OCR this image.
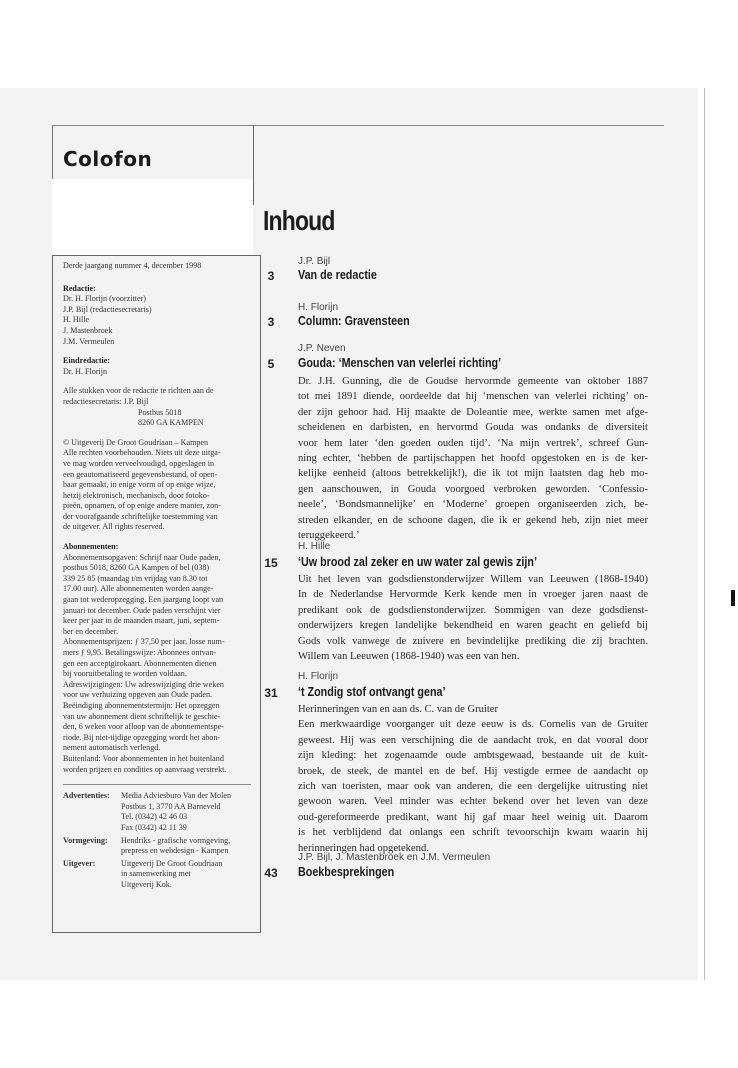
Colofon

Derde jaargang nummer 4, december 1998

Redactie:
Dr. H. Florijn (voorzitter)
J.P. Bijl (redactiesecretaris)
H. Hille
J. Mastenbroek
J.M. Vermeulen
Eindredactie:
Dr. H. Florijn
Alle stukken voor de redactie te richten aan de
redactiesecretaris: J.P. Bijl
Postbus 5018
8260 GA KAMPEN
© Uitgeverij De Groot Goudriaan – Kampen
Alle rechten voorbehouden. Niets uit deze uitga-
ve mag worden verveelvoudigd, opgeslagen in
een geautomatiseerd gegevensbestand, of open-
baar gemaakt, in enige vorm of op enige wijze,
hetzij elektronisch, mechanisch, door fotoko-
pieën, opnamen, of op enige andere manier, zon-
der voorafgaande schriftelijke toestemming van
de uitgever. All rights reserved.
Abonnementen:
Abonnementsopgaven: Schrijf naar Oude paden,
postbus 5018, 8260 GA Kampen of bel (038)
339 25 85 (maandag t/m vrijdag van 8.30 tot
17.00 uur). Alle abonnementen worden aange-
gaan tot wederopzegging. Een jaargang loopt van
januari tot december. Oude paden verschijnt vier
keer per jaar in de maanden maart, juni, septem-
ber en december.
Abonnementsprijzen: ƒ 37,50 per jaar, losse num-
mers ƒ 9,95. Betalingswijze: Abonnees ontvan-
gen een acceptgirokaart. Abonnementen dienen
bij vooruitbetaling te worden voldaan.
Adreswijzigingen: Uw adreswijziging drie weken
voor uw verhuizing opgeven aan Oude paden.
Beëindiging abonnementstermijn: Het opzeggen
van uw abonnement dient schriftelijk te geschie-
den, 6 weken voor afloop van de abonnementspe-
riode. Bij niet-tijdige opzegging wordt het abon-
nement automatisch verlengd.
Buitenland: Voor abonnementen in het buitenland
worden prijzen en condities op aanvraag verstrekt.
Advertenties:	Media Adviesburo Van der Molen
Postbus 1, 3770 AA Barneveld
Tel. (0342) 42 46 03
Fax (0342) 42 11 39
Vormgeving:	Hendriks - grafische vormgeving,
prepress en webdesign - Kampen
Uitgever:	Uitgeverij De Groot Goudriaan
in samenwerking met
Uitgeverij Kok.
Inhoud
J.P. Bijl
3	Van de redactie
H. Florijn
3	Column: Gravensteen
J.P. Neven
5	Gouda: ‘Menschen van velerlei richting’
Dr. J.H. Gunning, die de Goudse hervormde gemeente van oktober 1887
tot mei 1891 diende, oordeelde dat hij ‘menschen van velerlei richting’ on-
der zijn gehoor had. Hij maakte de Doleantie mee, werkte samen met afge-
scheidenen en darbisten, en hervormd Gouda was ondanks de diversiteit
voor hem later ‘den goeden ouden tijd’. ‘Na mijn vertrek’, schreef Gun-
ning echter, ‘hebben de partijschappen het hoofd opgestoken en is de ker-
kelijke eenheid (altoos betrekkelijk!), die ik tot mijn laatsten dag heb mo-
gen aanschouwen, in Gouda voorgoed verbroken geworden. ‘Confessio-
neele’, ‘Bondsmannelijke’ en ‘Moderne’ groepen organiseerden zich, be-
streden elkander, en de schoone dagen, die ik er gekend heb, zijn niet meer
teruggekeerd.’
H. Hille
15 ‘Uw brood zal zeker en uw water zal gewis zijn’
Uit het leven van godsdienstonderwijzer Willem van Leeuwen (1868-1940)
In de Nederlandse Hervormde Kerk kende men in vroeger jaren naast de
predikant ook de godsdienstonderwijzer. Sommigen van deze godsdienst-
onderwijzers kregen landelijke bekendheid en waren geacht en geliefd bij
Gods volk vanwege de zuivere en bevindelijke prediking die zij brachten.
Willem van Leeuwen (1868-1940) was een van hen.
H. Florijn
31 ‘t Zondig stof ontvangt gena’
Herinneringen van en aan ds. C. van de Gruiter
Een merkwaardige voorganger uit deze eeuw is ds. Cornelis van de Gruiter
geweest. Hij was een verschijning die de aandacht trok, en dat vooral door
zijn kleding: het zogenaamde oude ambtsgewaad, bestaande uit de kuit-
broek, de steek, de mantel en de bef. Hij vestigde ermee de aandacht op
zich van toeristen, maar ook van anderen, die een dergelijke uitrusting niet
gewoon waren. Veel minder was echter bekend over het leven van deze
oud-gereformeerde predikant, want hij gaf maar heel weinig uit. Daarom
is het verblijdend dat onlangs een schrift tevoorschijn kwam waarin hij
herinneringen had opgetekend.
J.P. Bijl, J. Mastenbroek en J.M. Vermeulen
43 Boekbesprekingen
